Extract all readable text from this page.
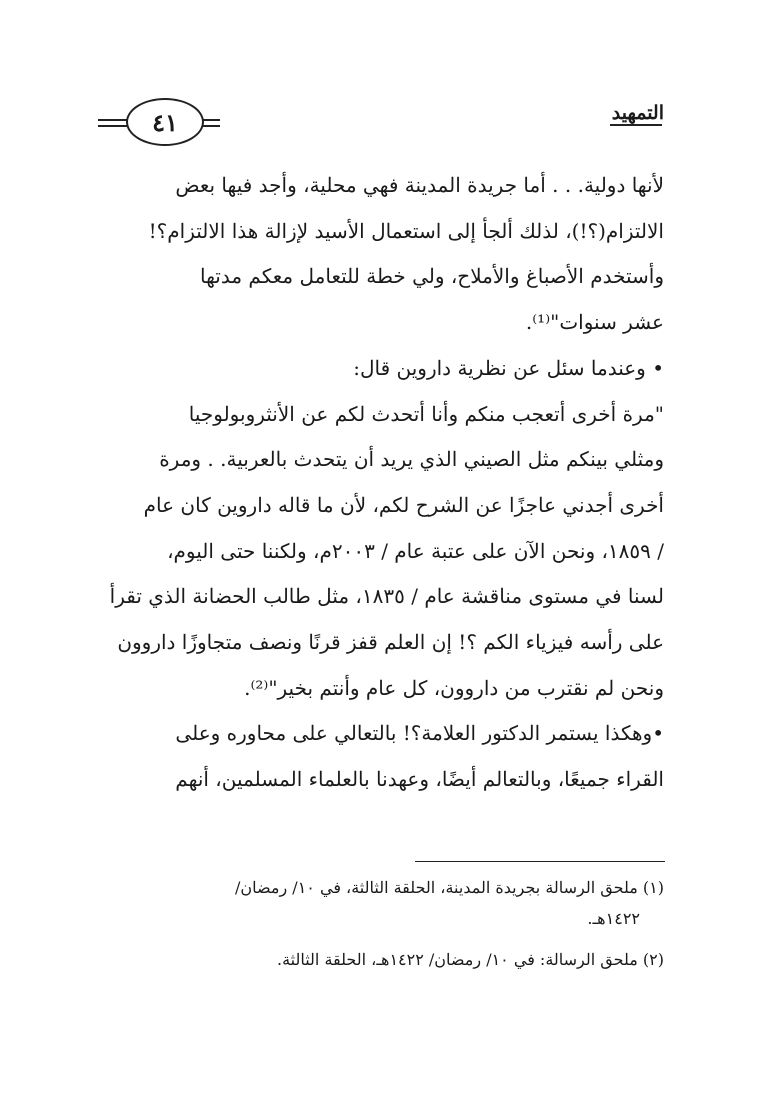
٤١	التمهيد
لأنها دولية. . . أما جريدة المدينة فهي محلية، وأجد فيها بعض
الالتزام(؟!)، لذلك ألجأ إلى استعمال الأسيد لإزالة هذا الالتزام؟!
وأستخدم الأصباغ والأملاح، ولي خطة للتعامل معكم مدتها
عشر سنوات"⁽¹⁾.
• وعندما سئل عن نظرية داروين قال:
"مرة أخرى أتعجب منكم وأنا أتحدث لكم عن الأنثروبولوجيا
ومثلي بينكم مثل الصيني الذي يريد أن يتحدث بالعربية. . ومرة
أخرى أجدني عاجزًا عن الشرح لكم، لأن ما قاله داروين كان عام
/ ١٨٥٩، ونحن الآن على عتبة عام / ٢٠٠٣م، ولكننا حتى اليوم،
لسنا في مستوى مناقشة عام / ١٨٣٥، مثل طالب الحضانة الذي تقرأ
على رأسه فيزياء الكم ؟! إن العلم قفز قرنًا ونصف متجاوزًا داروون
ونحن لم نقترب من داروون، كل عام وأنتم بخير"⁽²⁾.
•وهكذا يستمر الدكتور العلامة؟! بالتعالي على محاوره وعلى
القراء جميعًا، وبالتعالم أيضًا، وعهدنا بالعلماء المسلمين، أنهم
(١) ملحق الرسالة بجريدة المدينة، الحلقة الثالثة، في ١٠/ رمضان/
١٤٢٢هـ.
(٢) ملحق الرسالة: في ١٠/ رمضان/ ١٤٢٢هـ، الحلقة الثالثة.
